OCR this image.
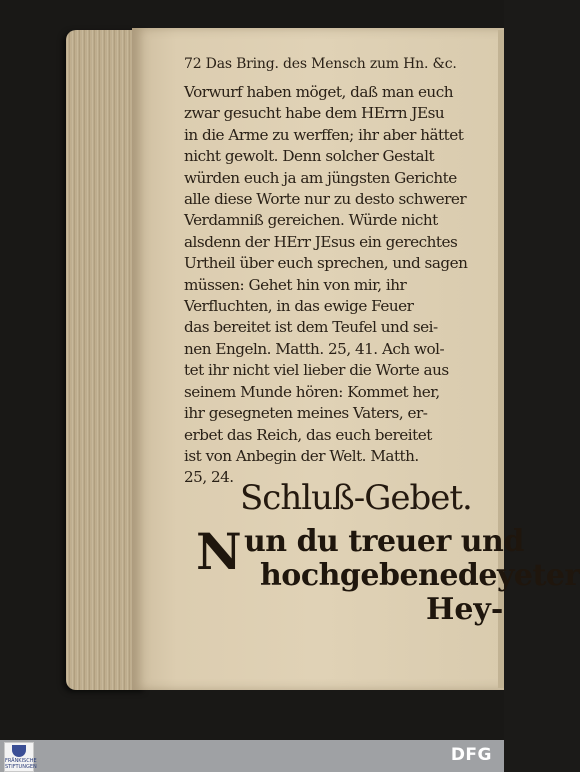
72 Das Bring. des Mensch zum Hn. &c.
Vorwurf haben möget, daß man euch
zwar gesucht habe dem HErrn JEsu
in die Arme zu werffen; ihr aber hättet
nicht gewolt. Denn solcher Gestalt
würden euch ja am jüngsten Gerichte
alle diese Worte nur zu desto schwerer
Verdamniß gereichen. Würde nicht
alsdenn der HErr JEsus ein gerechtes
Urtheil über euch sprechen, und sagen
müssen: Gehet hin von mir, ihr
Verfluchten, in das ewige Feuer
das bereitet ist dem Teufel und sei-
nen Engeln. Matth. 25, 41. Ach wol-
tet ihr nicht viel lieber die Worte aus
seinem Munde hören: Kommet her,
ihr gesegneten meines Vaters, er-
erbet das Reich, das euch bereitet
ist von Anbegin der Welt. Matth.
25, 24.
Schluß-Gebet.
N un du treuer und
hochgebenedeyeter
Hey-
FRÄNKISCHE STIFTUNGEN
DFG
